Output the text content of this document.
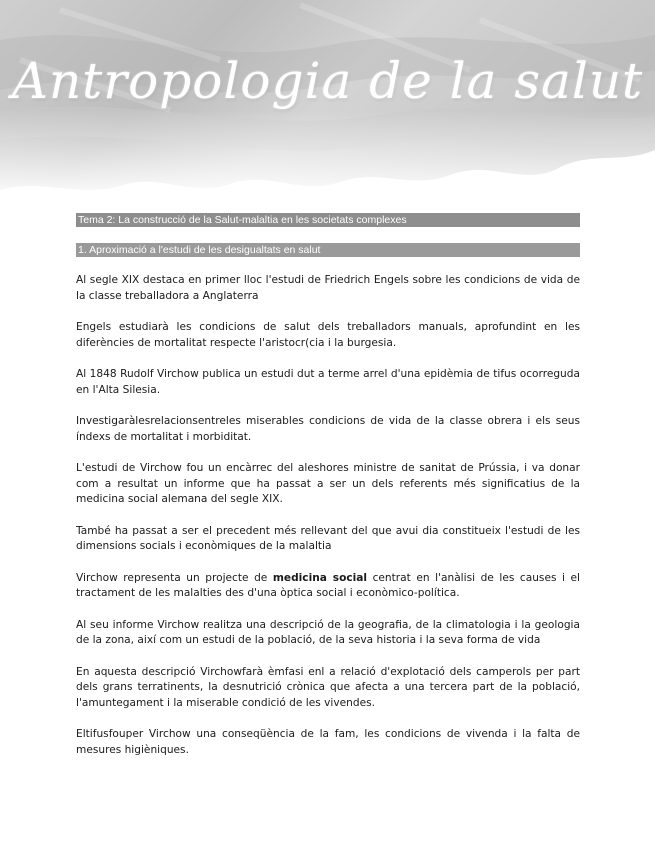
Antropologia de la salut
Tema 2: La construcció de la Salut-malaltia en les societats complexes
1. Aproximació a l'estudi de les desigualtats en salut

Al segle XIX destaca en primer lloc l'estudi de Friedrich Engels sobre les condicions de vida de la classe treballadora a Anglaterra

Engels estudiarà les condicions de salut dels treballadors manuals, aprofundint en les diferències de mortalitat respecte l'aristocr(cia i la burgesia.

Al 1848 Rudolf Virchow publica un estudi dut a terme arrel d'una epidèmia de tifus ocorreguda en l'Alta Silesia.

Investigaràlesrelacionsentreles miserables condicions de vida de la classe obrera i els seus índexs de mortalitat i morbiditat.

L'estudi de Virchow fou un encàrrec del aleshores ministre de sanitat de Prússia, i va donar com a resultat un informe que ha passat a ser un dels referents més significatius de la medicina social alemana del segle XIX.

També ha passat a ser el precedent més rellevant del que avui dia constitueix l'estudi de les dimensions socials i econòmiques de la malaltia

Virchow representa un projecte de medicina social centrat en l'anàlisi de les causes i el tractament de les malalties des d'una òptica social i econòmico-política.

Al seu informe Virchow realitza una descripció de la geografia, de la climatologia i la geologia de la zona, així com un estudi de la població, de la seva historia i la seva forma de vida

En aquesta descripció Virchowfarà èmfasi enl a relació d'explotació dels camperols per part dels grans terratinents, la desnutrició crònica que afecta a una tercera part de la població, l'amuntegament i la miserable condició de les vivendes.

Eltifusfouper Virchow una conseqüència de la fam, les condicions de vivenda i la falta de mesures higièniques.
